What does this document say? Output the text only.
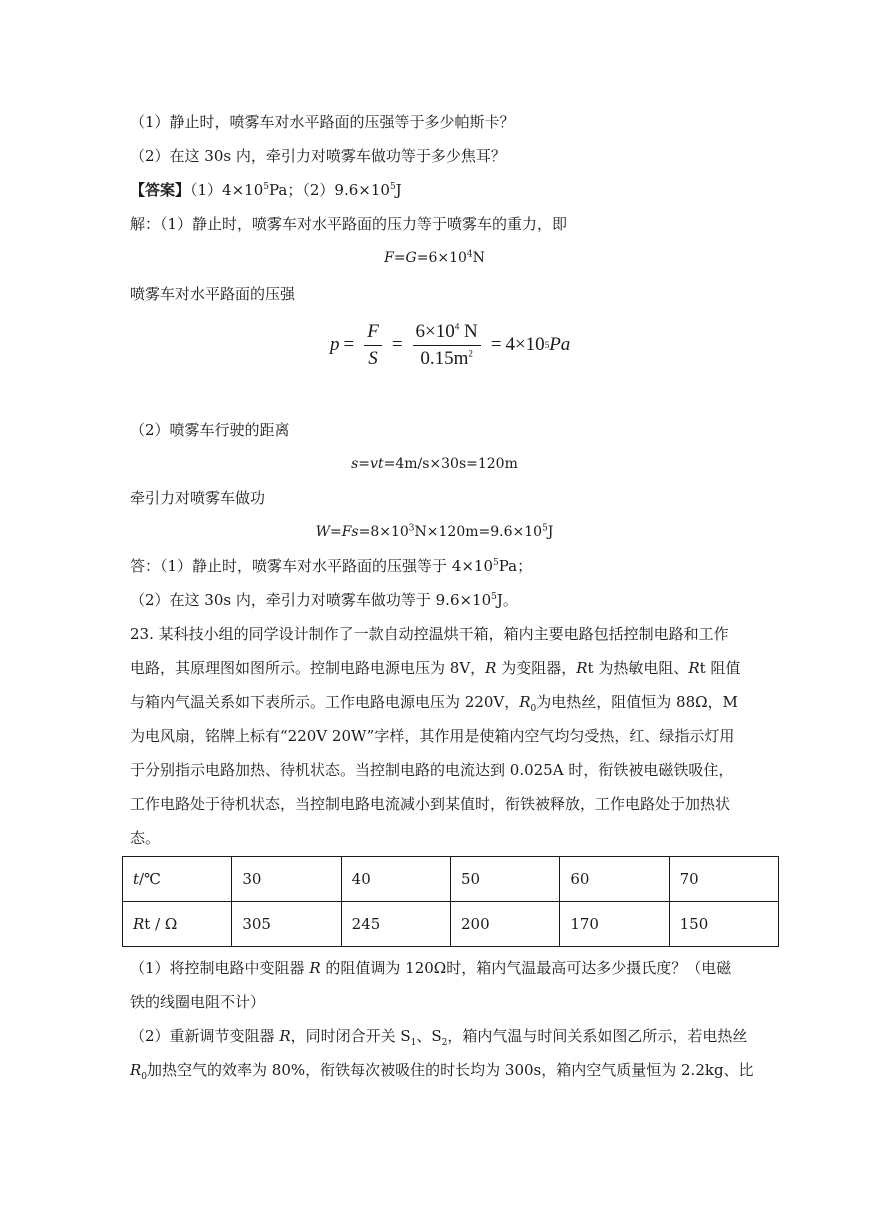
（1）静止时，喷雾车对水平路面的压强等于多少帕斯卡？
（2）在这 30s 内，牵引力对喷雾车做功等于多少焦耳？
【答案】$(1)4\times 10^5Pa$；$(2)9.6\times 10^5J$
解：（1）静止时，喷雾车对水平路面的压力等于喷雾车的重力，即
$F=G=6\times 10^4N$
喷雾车对水平路面的压强
$p = \frac{F}{S} = \frac{6\times 10^4 N}{0.15m^2} = 4\times 10$ 5 Pa
（2）喷雾车行驶的距离
s=vt=4m/s×30s=120m
牵引力对喷雾车做功
$W=Fs=8\times 10^3N\times 120m=9.6\times 10^5J$
答：（1）静止时，喷雾车对水平路面的压强等于 $4\times 10^5Pa$；
（2）在这 30s 内，牵引力对喷雾车做功等于 $9.6\times 10^5J$。
23. 某科技小组的同学设计制作了一款自动控温烘干箱，箱内主要电路包括控制电路和工作
电路，其原理图如图所示。控制电路电源电压为 8V，R 为变阻器，Rt 为热敏电阻、Rt 阻值
与箱内气温关系如下表所示。工作电路电源电压为 220V，$R_0$为电热丝，阻值恒为 88Ω，M
为电风扇，铭牌上标有“220V 20W”字样，其作用是使箱内空气均匀受热，红、绿指示灯用
于分别指示电路加热、待机状态。当控制电路的电流达到 0.025A 时，衔铁被电磁铁吸住，
工作电路处于待机状态，当控制电路电流减小到某值时，衔铁被释放，工作电路处于加热状
态。
t/℃	30	40	50	60	70
Rt / Ω	305	245	200	170	150
（1）将控制电路中变阻器 R 的阻值调为 120Ω时，箱内气温最高可达多少摄氏度？（电磁
铁的线圈电阻不计）
（2）重新调节变阻器 R，同时闭合开关 $S_1$、$S_2$，箱内气温与时间关系如图乙所示，若电热丝
$R_0$加热空气的效率为 80%，衔铁每次被吸住的时长均为 300s，箱内空气质量恒为 2.2kg、比
